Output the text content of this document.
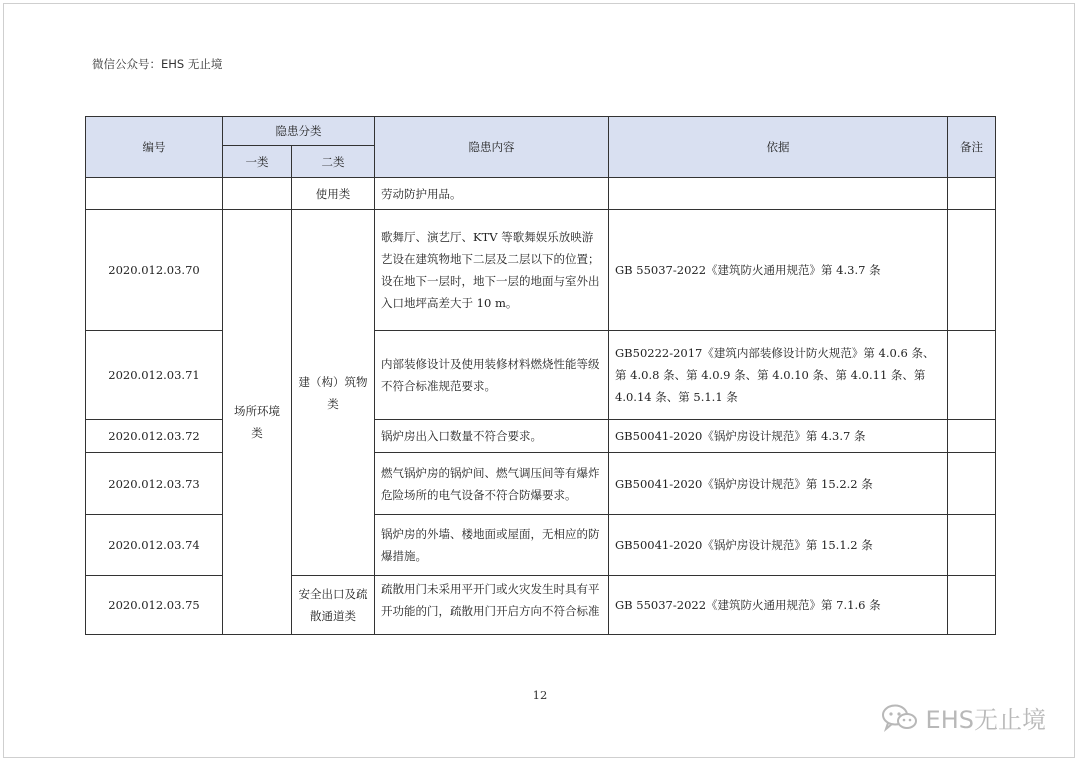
微信公众号：EHS 无止境
编号	隐患分类		隐患内容	依据	备注
	一类	二类			
		使用类	劳动防护用品。		
2020.012.03.70	场所环境类	建（构）筑物类	歌舞厅、演艺厅、KTV 等歌舞娱乐放映游艺设在建筑物地下二层及二层以下的位置；设在地下一层时，地下一层的地面与室外出入口地坪高差大于 10 m。	GB 55037-2022《建筑防火通用规范》第 4.3.7 条	
2020.012.03.71			内部装修设计及使用装修材料燃烧性能等级不符合标准规范要求。	GB50222-2017《建筑内部装修设计防火规范》第 4.0.6 条、第 4.0.8 条、第 4.0.9 条、第 4.0.10 条、第 4.0.11 条、第 4.0.14 条、第 5.1.1 条	
2020.012.03.72			锅炉房出入口数量不符合要求。	GB50041-2020《锅炉房设计规范》第 4.3.7 条	
2020.012.03.73			燃气锅炉房的锅炉间、燃气调压间等有爆炸危险场所的电气设备不符合防爆要求。	GB50041-2020《锅炉房设计规范》第 15.2.2 条	
2020.012.03.74			锅炉房的外墙、楼地面或屋面，无相应的防爆措施。	GB50041-2020《锅炉房设计规范》第 15.1.2 条	
2020.012.03.75		安全出口及疏散通道类	疏散用门未采用平开门或火灾发生时具有平开功能的门，疏散用门开启方向不符合标准	GB 55037-2022《建筑防火通用规范》第 7.1.6 条	
12
EHS无止境
